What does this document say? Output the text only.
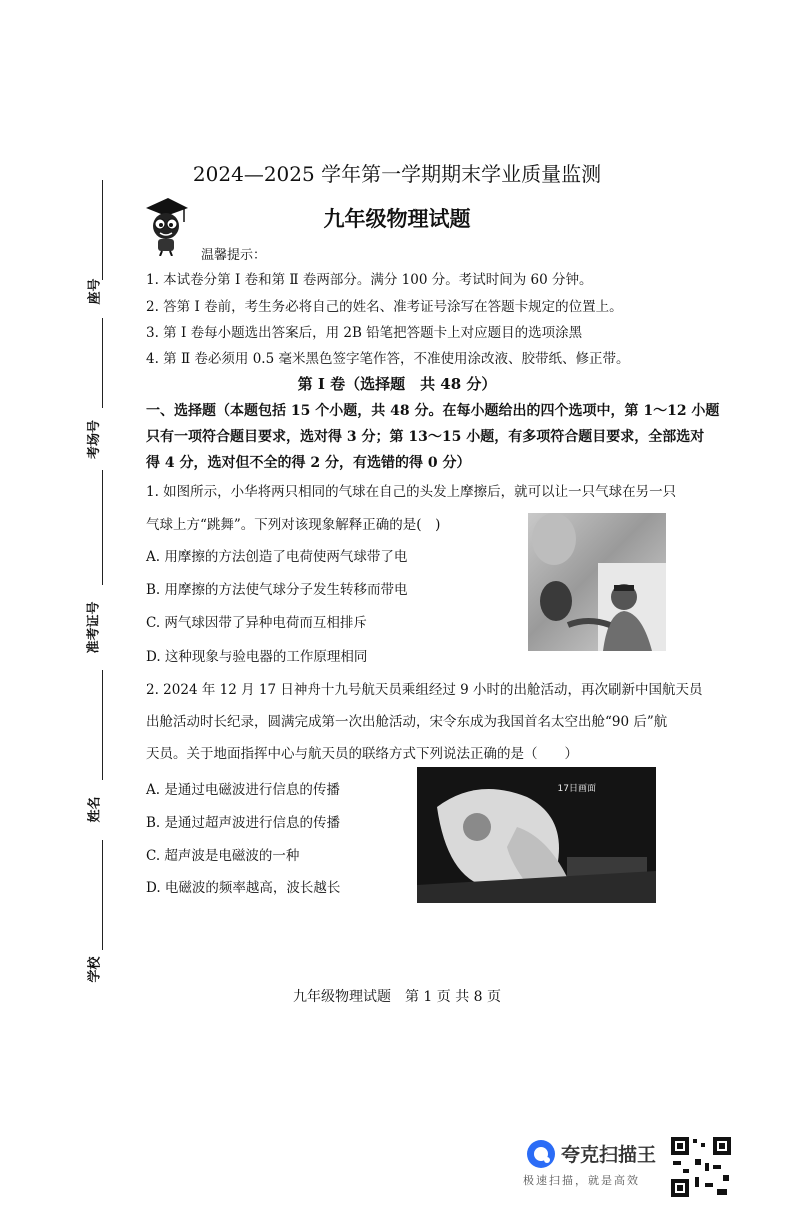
座号
考场号
准考证号
姓名
学校
2024—2025 学年第一学期期末学业质量监测
九年级物理试题
温馨提示：
1. 本试卷分第 Ⅰ 卷和第 Ⅱ 卷两部分。满分 100 分。考试时间为 60 分钟。
2. 答第 Ⅰ 卷前，考生务必将自己的姓名、准考证号涂写在答题卡规定的位置上。
3. 第 Ⅰ 卷每小题选出答案后，用 2B 铅笔把答题卡上对应题目的选项涂黑
4. 第 Ⅱ 卷必须用 0.5 毫米黑色签字笔作答，不准使用涂改液、胶带纸、修正带。
第 Ⅰ 卷（选择题　共 48 分）
一、选择题（本题包括 15 个小题，共 48 分。在每小题给出的四个选项中，第 1～12 小题
只有一项符合题目要求，选对得 3 分；第 13～15 小题，有多项符合题目要求，全部选对
得 4 分，选对但不全的得 2 分，有选错的得 0 分）
1. 如图所示，小华将两只相同的气球在自己的头发上摩擦后，就可以让一只气球在另一只
气球上方“跳舞”。下列对该现象解释正确的是(　)
A. 用摩擦的方法创造了电荷使两气球带了电
B. 用摩擦的方法使气球分子发生转移而带电
C. 两气球因带了异种电荷而互相排斥
D. 这种现象与验电器的工作原理相同
2. 2024 年 12 月 17 日神舟十九号航天员乘组经过 9 小时的出舱活动，再次刷新中国航天员
出舱活动时长纪录，圆满完成第一次出舱活动，宋令东成为我国首名太空出舱“90 后”航
天员。关于地面指挥中心与航天员的联络方式下列说法正确的是（　　）
17日画面
A. 是通过电磁波进行信息的传播
B. 是通过超声波进行信息的传播
C. 超声波是电磁波的一种
D. 电磁波的频率越高，波长越长
九年级物理试题　第 1 页 共 8 页
夸克扫描王
极速扫描，就是高效
